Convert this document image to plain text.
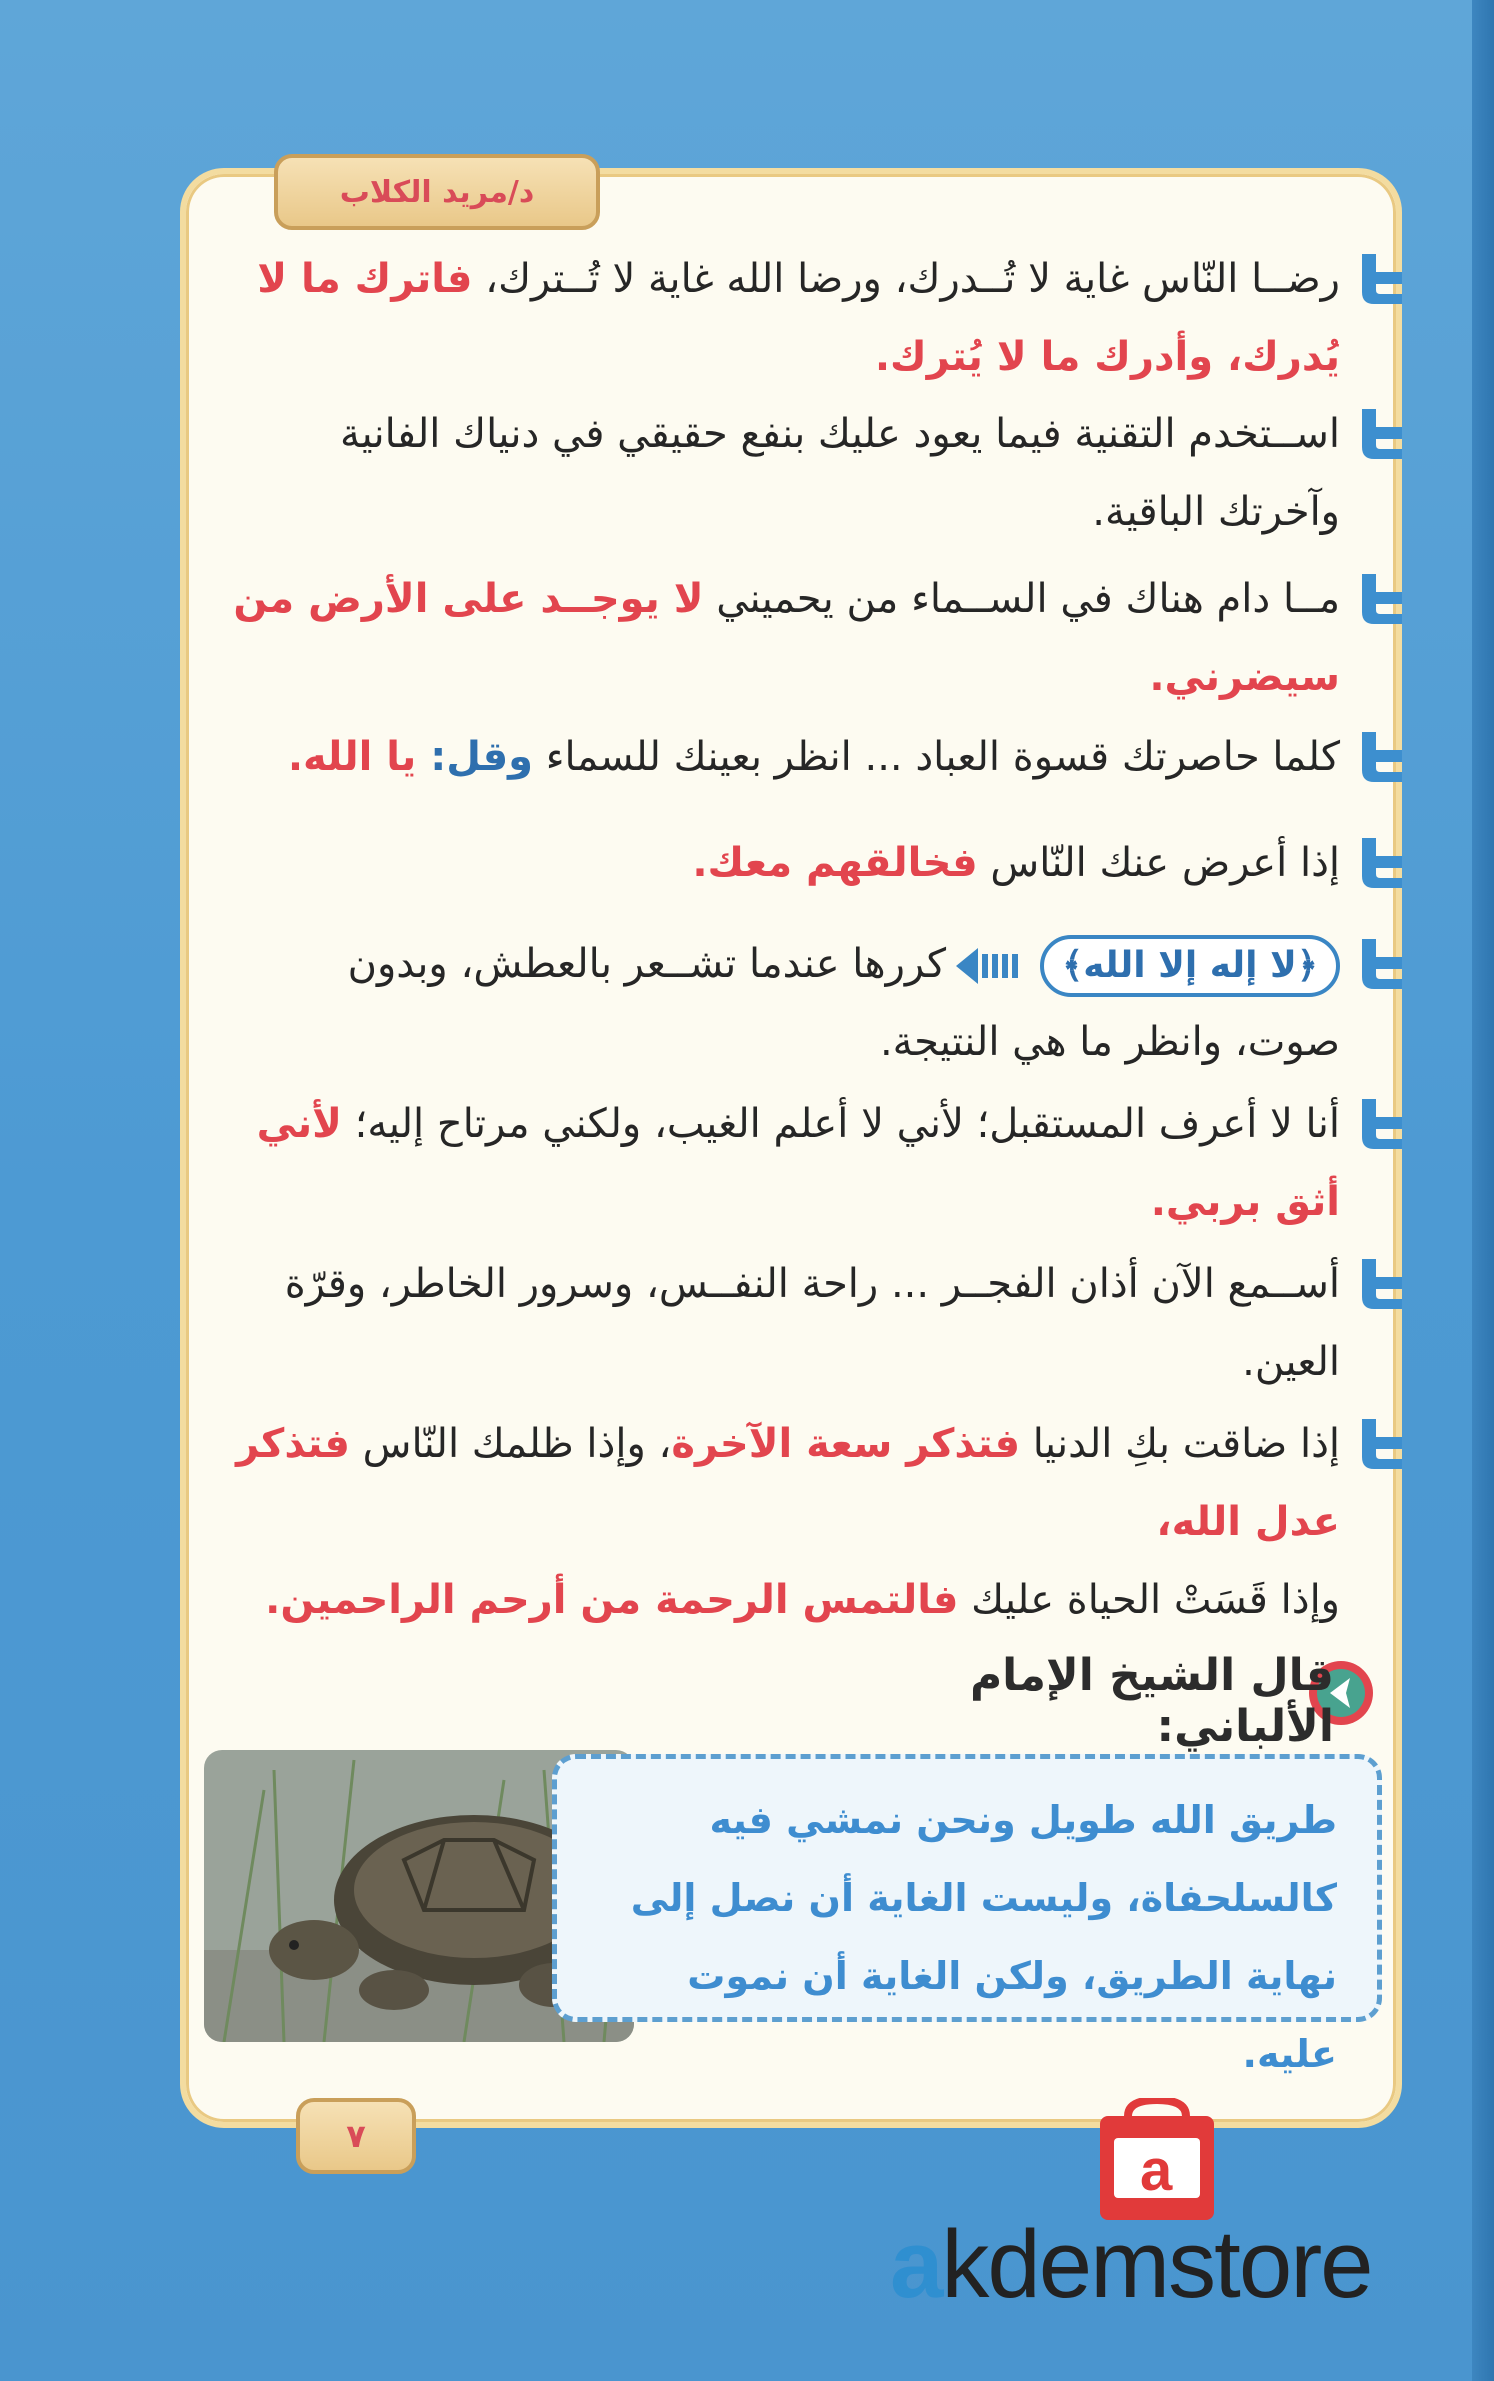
د/مريد الكلاب
رضــا النّاس غاية لا تُــدرك، ورضا الله غاية لا تُــترك، فاترك ما لا
يُدرك، وأدرك ما لا يُترك.
اســتخدم التقنية فيما يعود عليك بنفع حقيقي في دنياك الفانية
وآخرتك الباقية.
مــا دام هناك في الســماء من يحميني لا يوجــد على الأرض من
سيضرني.
كلما حاصرتك قسوة العباد ... انظر بعينك للسماء وقل: يا الله.
إذا أعرض عنك النّاس فخالقهم معك.
﴿لا إله إلا الله﴾كررها عندما تشــعر بالعطش، وبدون
صوت، وانظر ما هي النتيجة.
أنا لا أعرف المستقبل؛ لأني لا أعلم الغيب، ولكني مرتاح إليه؛ لأني
أثق بربي.
أســمع الآن أذان الفجــر ... راحة النفــس، وسرور الخاطر، وقرّة
العين.
إذا ضاقت بكِ الدنيا فتذكر سعة الآخرة، وإذا ظلمك النّاس فتذكر
عدل الله،
وإذا قَسَتْ الحياة عليك فالتمس الرحمة من أرحم الراحمين.
قال الشيخ الإمام الألباني:
طريق الله طويل ونحن نمشي فيه
كالسلحفاة، وليست الغاية أن نصل إلى
نهاية الطريق، ولكن الغاية أن نموت عليه.
٧
a
akdemstore
